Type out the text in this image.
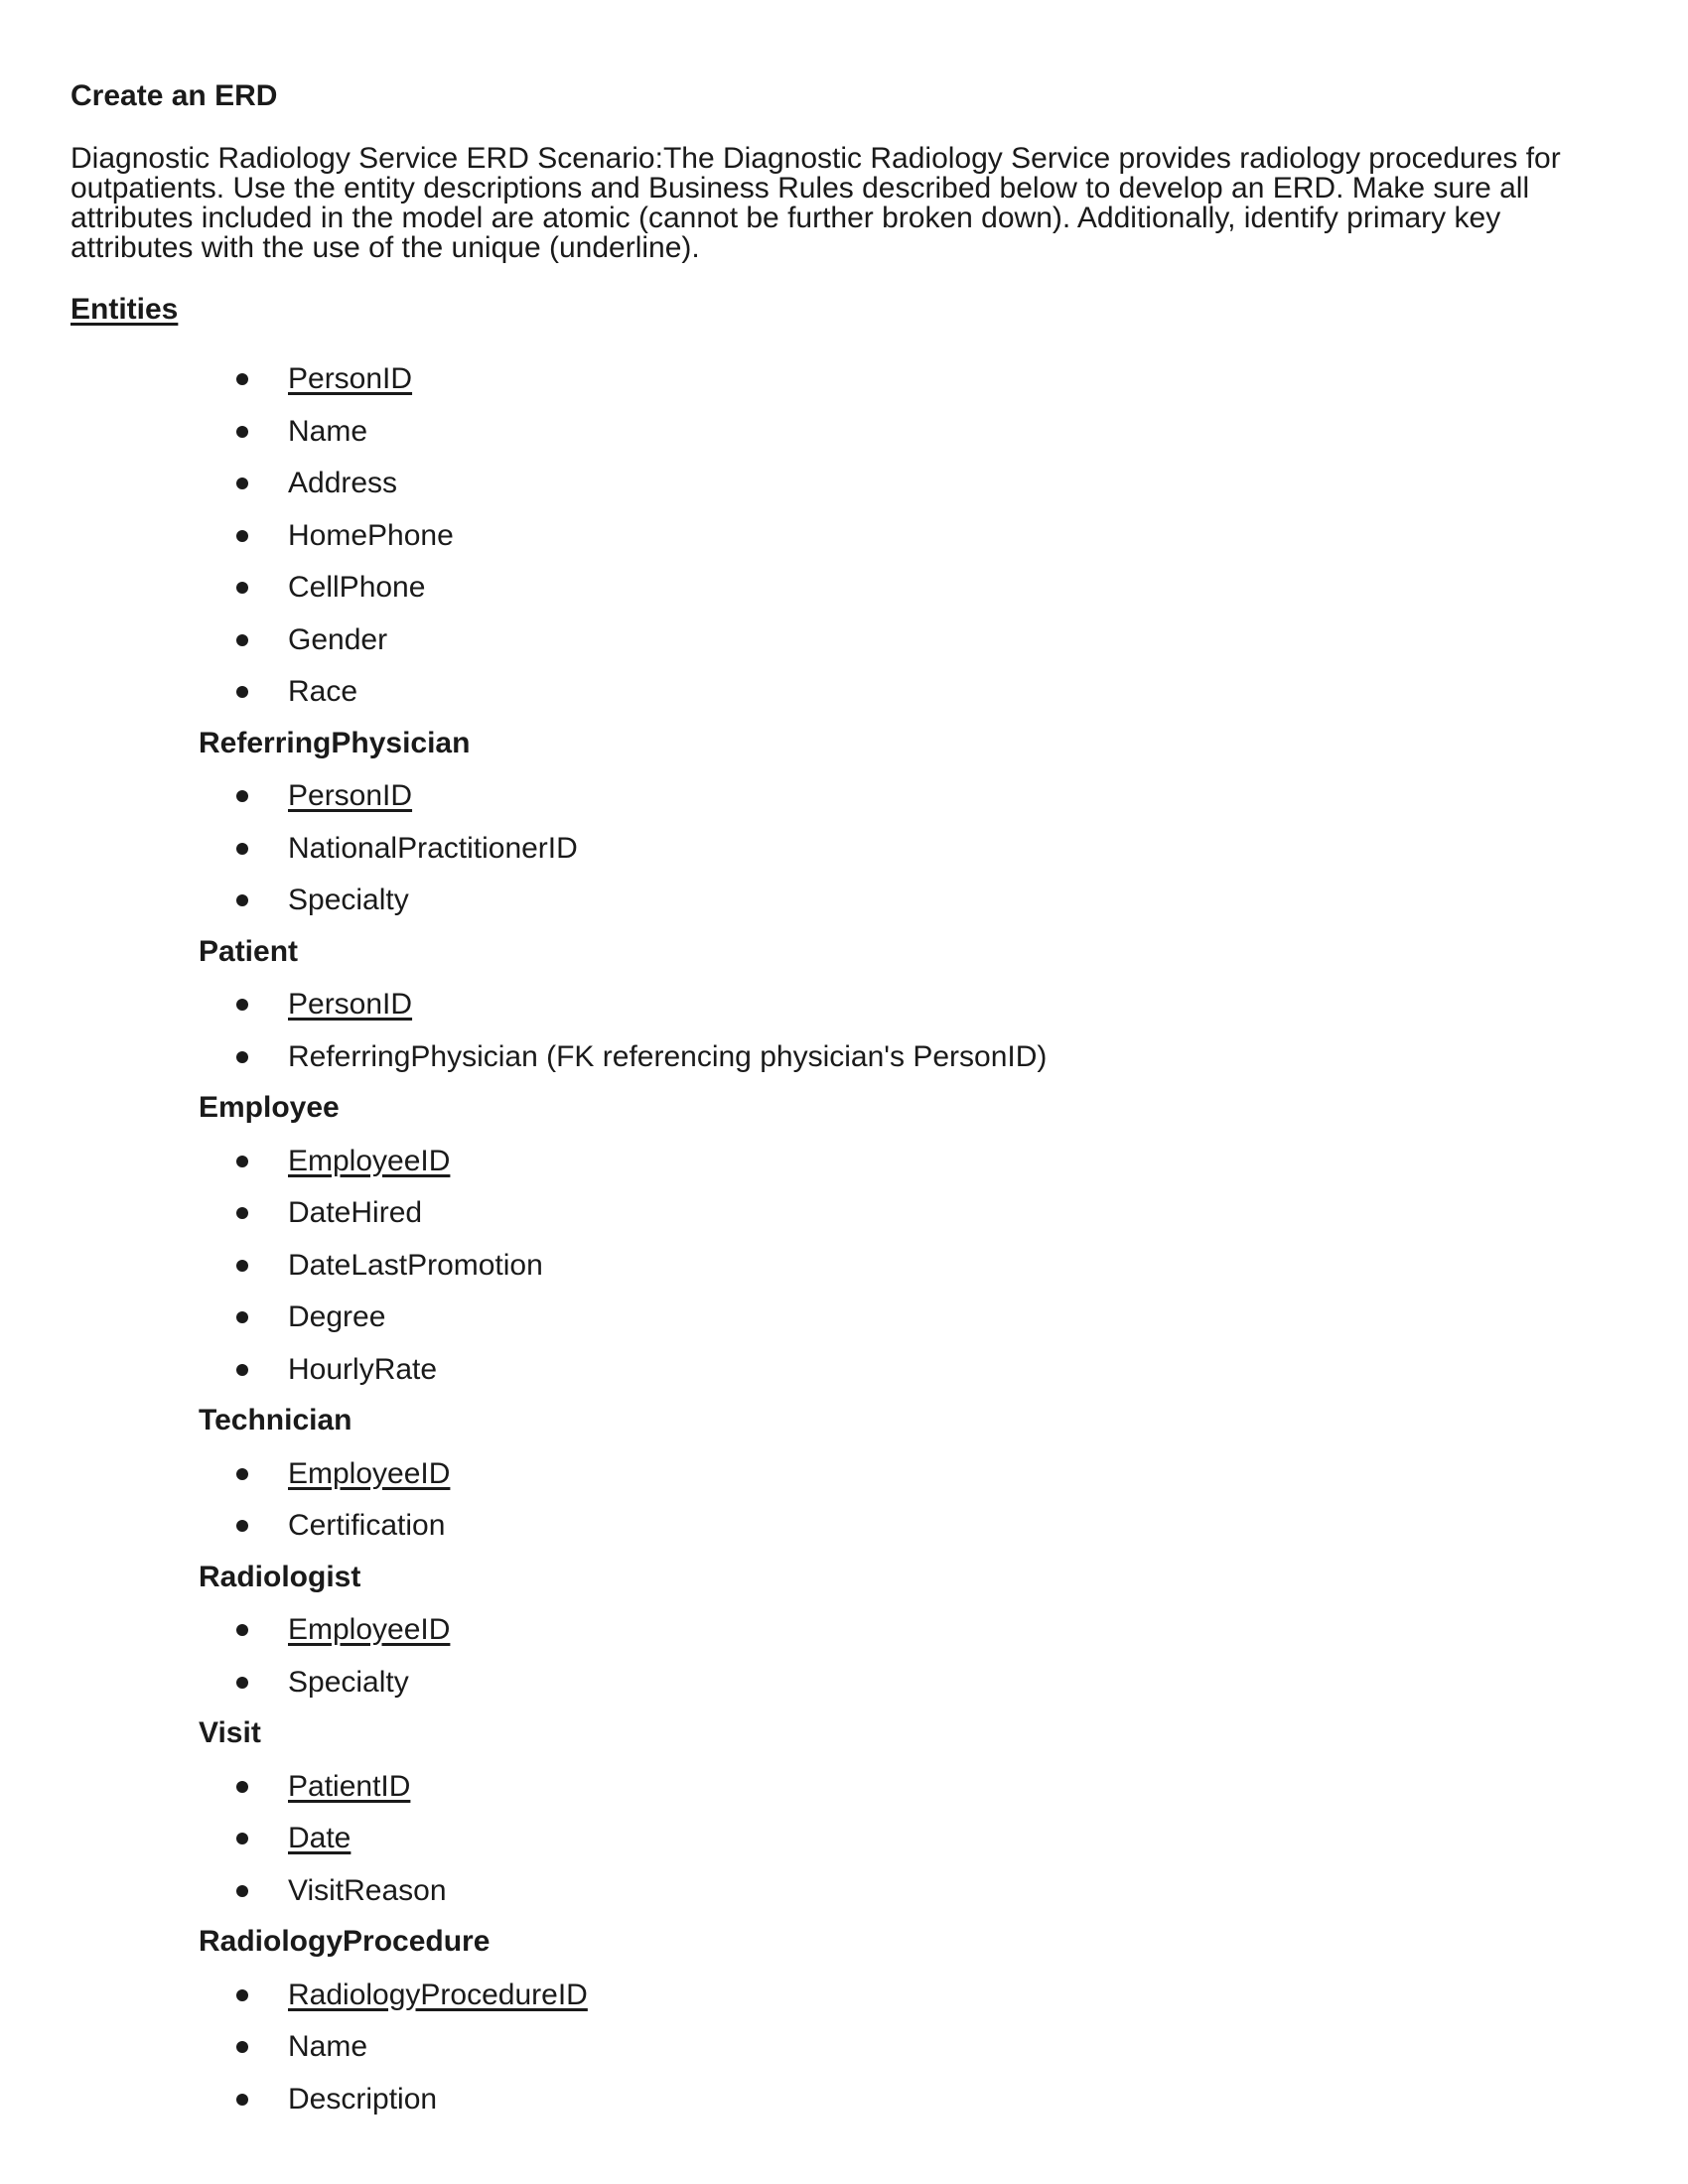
Create an ERD

Diagnostic Radiology Service ERD Scenario:The Diagnostic Radiology Service provides radiology procedures for outpatients. Use the entity descriptions and Business Rules described below to develop an ERD. Make sure all attributes included in the model are atomic (cannot be further broken down). Additionally, identify primary key attributes with the use of the unique (underline).

Entities
PersonID
Name
Address
HomePhone
CellPhone
Gender
Race
ReferringPhysician
PersonID
NationalPractitionerID
Specialty
Patient
PersonID
ReferringPhysician (FK referencing physician's PersonID)
Employee
EmployeeID
DateHired
DateLastPromotion
Degree
HourlyRate
Technician
EmployeeID
Certification
Radiologist
EmployeeID
Specialty
Visit
PatientID
Date
VisitReason
RadiologyProcedure
RadiologyProcedureID
Name
Description
